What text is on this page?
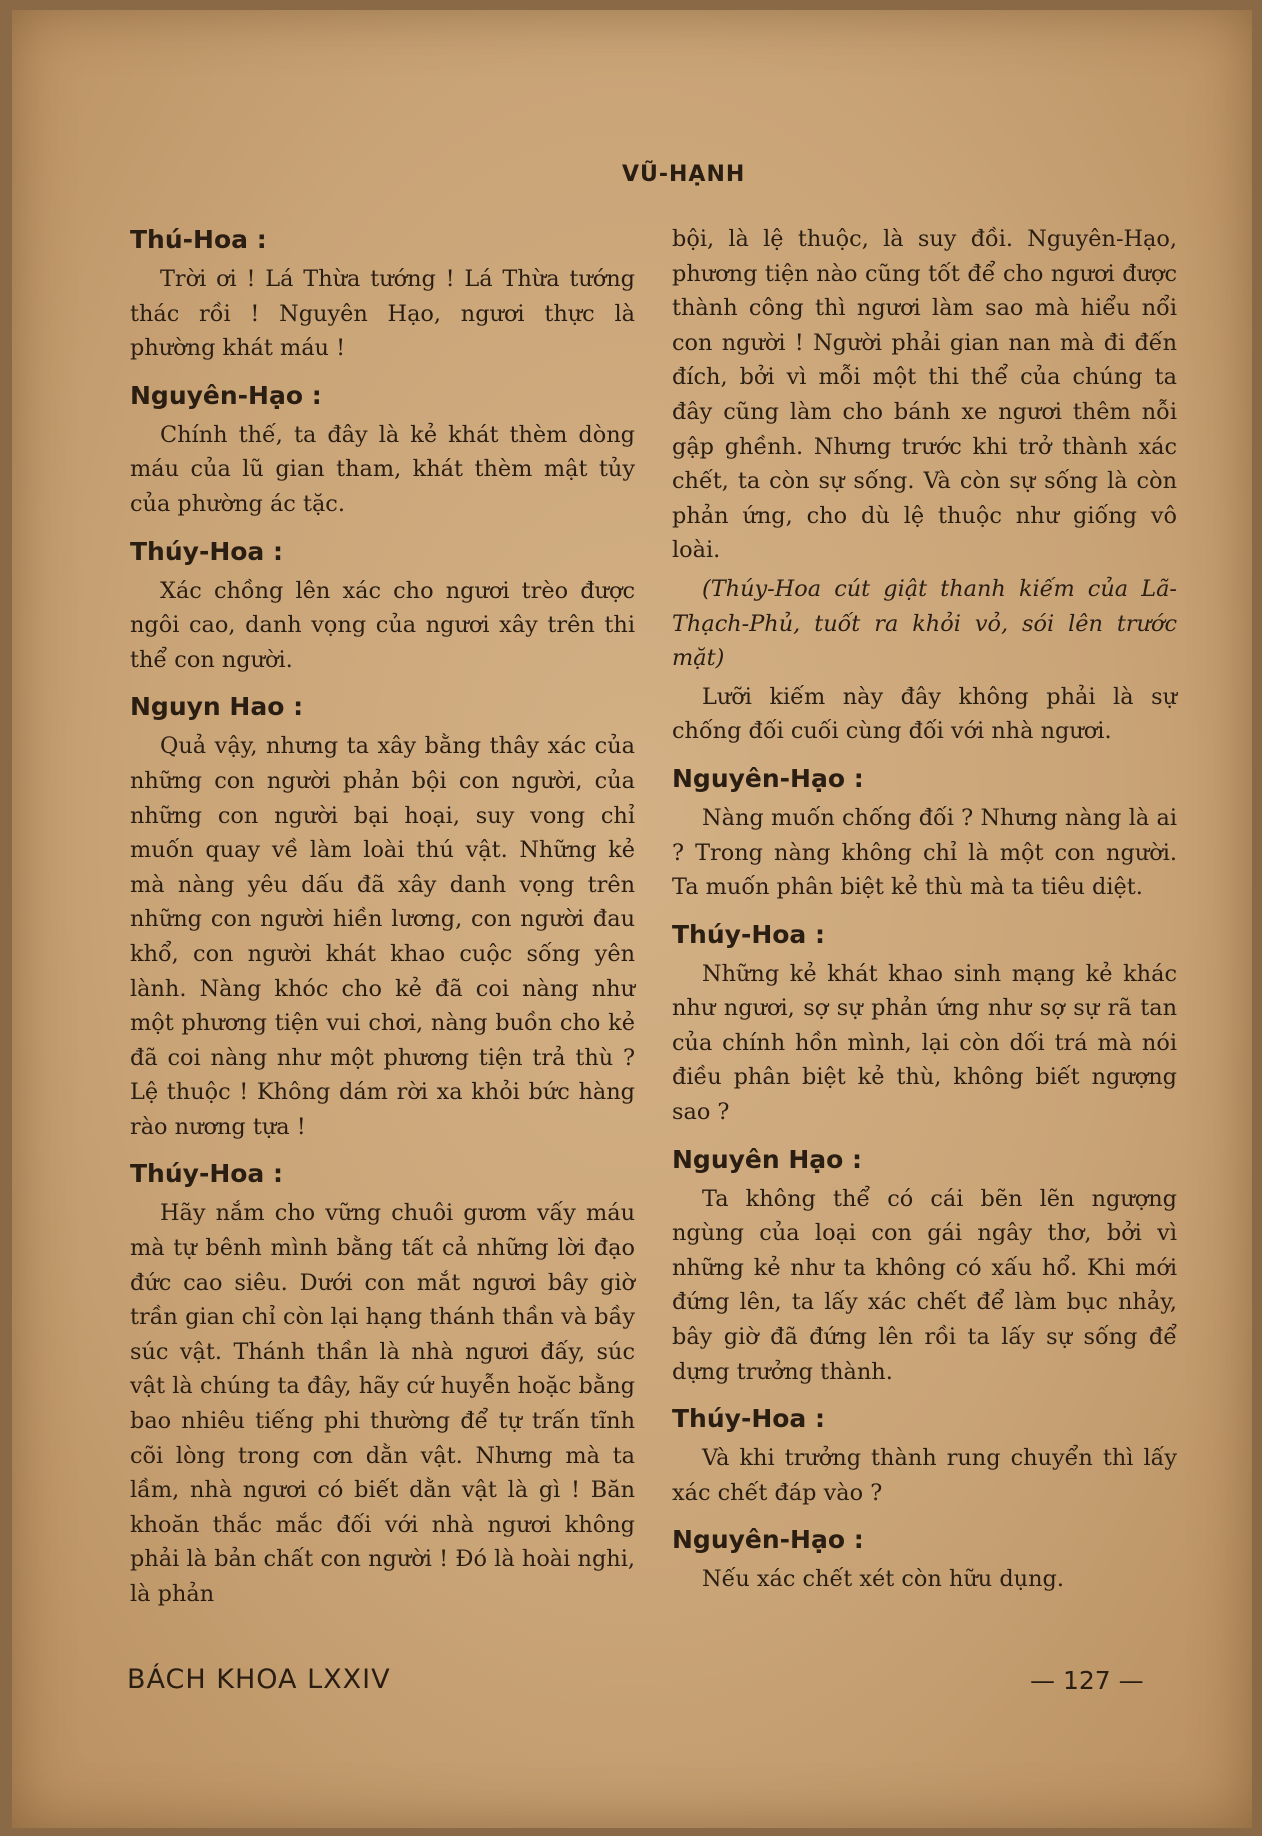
VŨ-HẠNH
Thú-Hoa :

Trời ơi ! Lá Thừa tướng ! Lá Thừa tướng thác rồi ! Nguyên Hạo, ngươi thực là phường khát máu !

Nguyên-Hạo :

Chính thế, ta đây là kẻ khát thèm dòng máu của lũ gian tham, khát thèm mật tủy của phường ác tặc.

Thúy-Hoa :

Xác chồng lên xác cho ngươi trèo được ngôi cao, danh vọng của ngươi xây trên thi thể con người.

Nguyn Hao :

Quả vậy, nhưng ta xây bằng thây xác của những con người phản bội con người, của những con người bại hoại, suy vong chỉ muốn quay về làm loài thú vật. Những kẻ mà nàng yêu dấu đã xây danh vọng trên những con người hiền lương, con người đau khổ, con người khát khao cuộc sống yên lành. Nàng khóc cho kẻ đã coi nàng như một phương tiện vui chơi, nàng buồn cho kẻ đã coi nàng như một phương tiện trả thù ? Lệ thuộc ! Không dám rời xa khỏi bức hàng rào nương tựa !

Thúy-Hoa :

Hãy nắm cho vững chuôi gươm vấy máu mà tự bênh mình bằng tất cả những lời đạo đức cao siêu. Dưới con mắt ngươi bây giờ trần gian chỉ còn lại hạng thánh thần và bầy súc vật. Thánh thần là nhà ngươi đấy, súc vật là chúng ta đây, hãy cứ huyễn hoặc bằng bao nhiêu tiếng phi thường để tự trấn tĩnh cõi lòng trong cơn dằn vật. Nhưng mà ta lầm, nhà ngươi có biết dằn vật là gì ! Băn khoăn thắc mắc đối với nhà ngươi không phải là bản chất con người ! Đó là hoài nghi, là phản

bội, là lệ thuộc, là suy đồi. Nguyên-Hạo, phương tiện nào cũng tốt để cho ngươi được thành công thì ngươi làm sao mà hiểu nổi con người ! Người phải gian nan mà đi đến đích, bởi vì mỗi một thi thể của chúng ta đây cũng làm cho bánh xe ngươi thêm nỗi gập ghềnh. Nhưng trước khi trở thành xác chết, ta còn sự sống. Và còn sự sống là còn phản ứng, cho dù lệ thuộc như giống vô loài.

(Thúy-Hoa cút giật thanh kiếm của Lã-Thạch-Phủ, tuốt ra khỏi vỏ, sói lên trước mặt)

Lưỡi kiếm này đây không phải là sự chống đối cuối cùng đối với nhà ngươi.

Nguyên-Hạo :

Nàng muốn chống đối ? Nhưng nàng là ai ? Trong nàng không chỉ là một con người. Ta muốn phân biệt kẻ thù mà ta tiêu diệt.

Thúy-Hoa :

Những kẻ khát khao sinh mạng kẻ khác như ngươi, sợ sự phản ứng như sợ sự rã tan của chính hồn mình, lại còn dối trá mà nói điều phân biệt kẻ thù, không biết ngượng sao ?

Nguyên Hạo :

Ta không thể có cái bẽn lẽn ngượng ngùng của loại con gái ngây thơ, bởi vì những kẻ như ta không có xấu hổ. Khi mới đứng lên, ta lấy xác chết để làm bục nhảy, bây giờ đã đứng lên rồi ta lấy sự sống để dựng trưởng thành.

Thúy-Hoa :

Và khi trưởng thành rung chuyển thì lấy xác chết đáp vào ?

Nguyên-Hạo :

Nếu xác chết xét còn hữu dụng.

BÁCH KHOA LXXIV	— 127 —
